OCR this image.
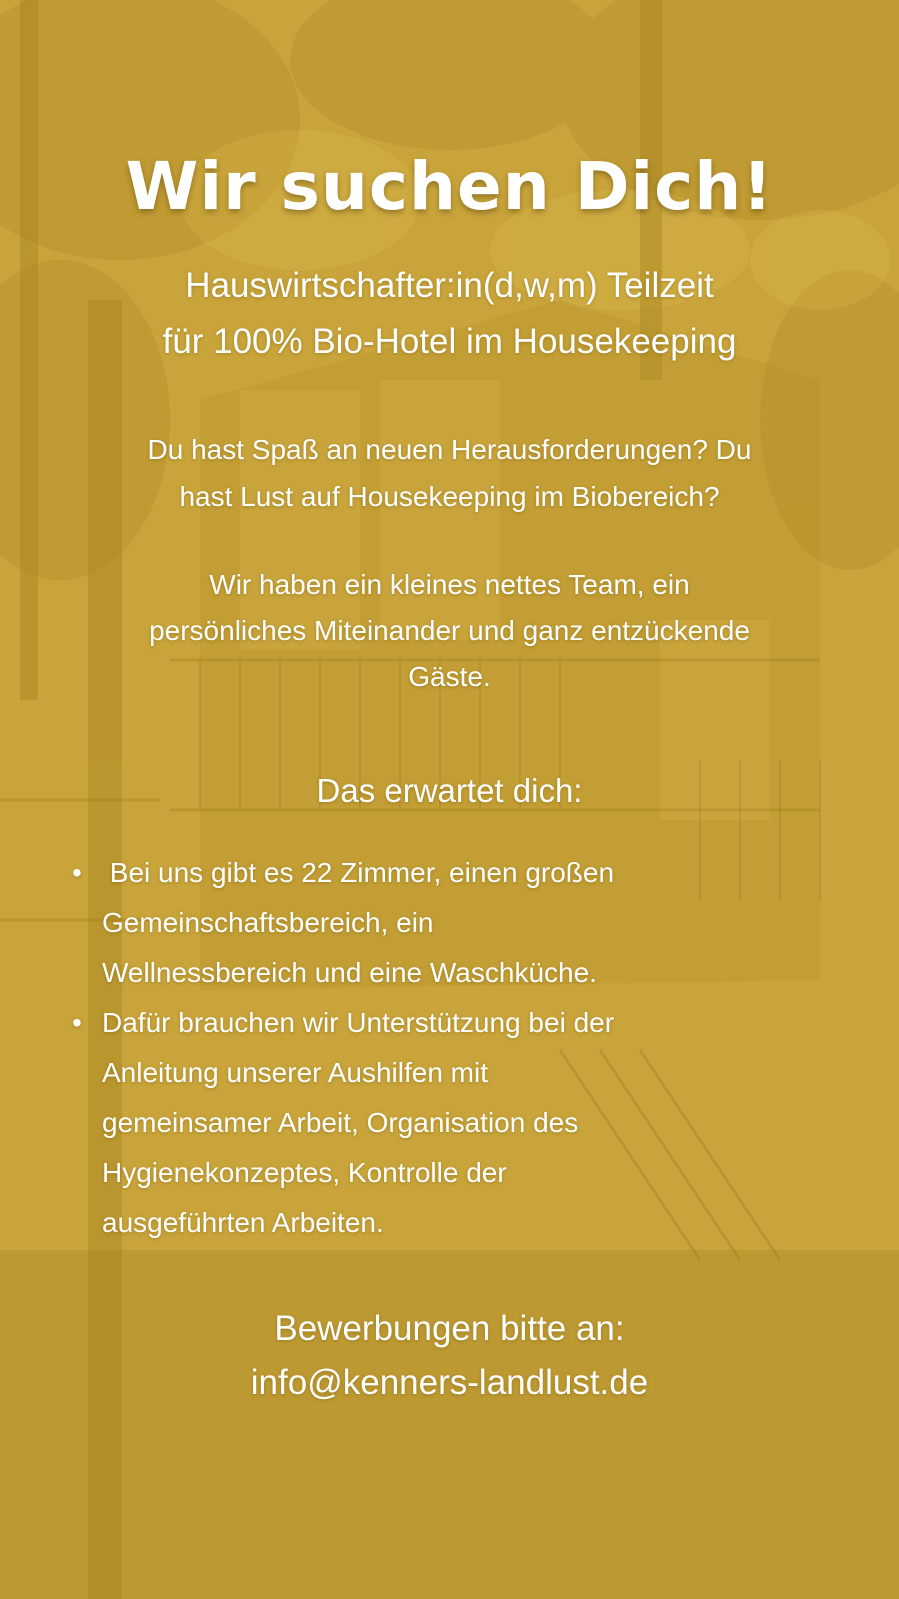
Wir suchen Dich!
Hauswirtschafter:in(d,w,m) Teilzeit
für 100% Bio-Hotel im Housekeeping
Du hast Spaß an neuen Herausforderungen? Du
hast Lust auf Housekeeping im Biobereich?
Wir haben ein kleines nettes Team, ein
persönliches Miteinander und ganz entzückende
Gäste.
Das erwartet dich:
• Bei uns gibt es 22 Zimmer, einen großen
Gemeinschaftsbereich, ein
Wellnessbereich und eine Waschküche.
• Dafür brauchen wir Unterstützung bei der
Anleitung unserer Aushilfen mit
gemeinsamer Arbeit, Organisation des
Hygienekonzeptes, Kontrolle der
ausgeführten Arbeiten.
Bewerbungen bitte an:
info@kenners-landlust.de
